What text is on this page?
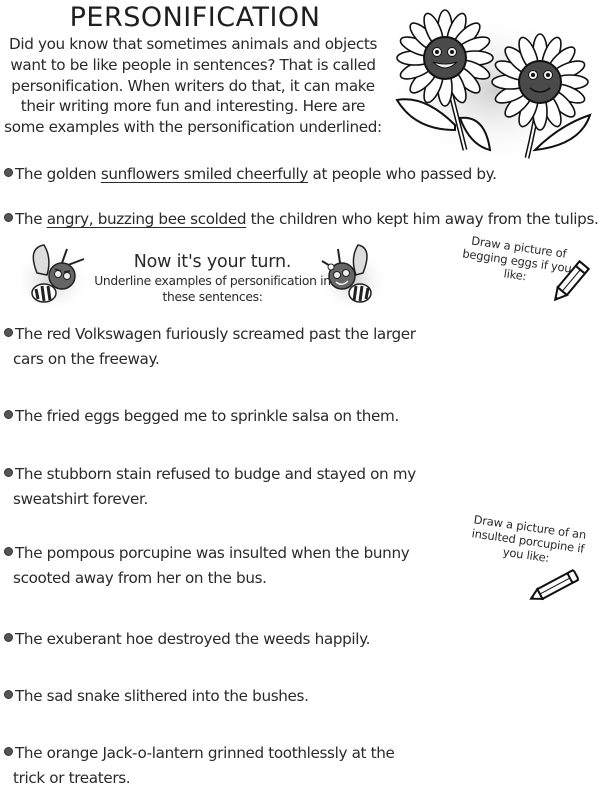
PERSONIFICATION
Did you know that sometimes animals and objects want to be like people in sentences? That is called personification. When writers do that, it can make their writing more fun and interesting. Here are some examples with the personification underlined:
The golden sunflowers smiled cheerfully at people who passed by.
The angry, buzzing bee scolded the children who kept him away from the tulips.
Now it's your turn.
Underline examples of personification in these sentences:
Draw a picture of begging eggs if you like:
Draw a picture of an insulted porcupine if you like:
The red Volkswagen furiously screamed past the larger
cars on the freeway.
The fried eggs begged me to sprinkle salsa on them.
The stubborn stain refused to budge and stayed on my
sweatshirt forever.
The pompous porcupine was insulted when the bunny
scooted away from her on the bus.
The exuberant hoe destroyed the weeds happily.
The sad snake slithered into the bushes.
The orange Jack-o-lantern grinned toothlessly at the
trick or treaters.
